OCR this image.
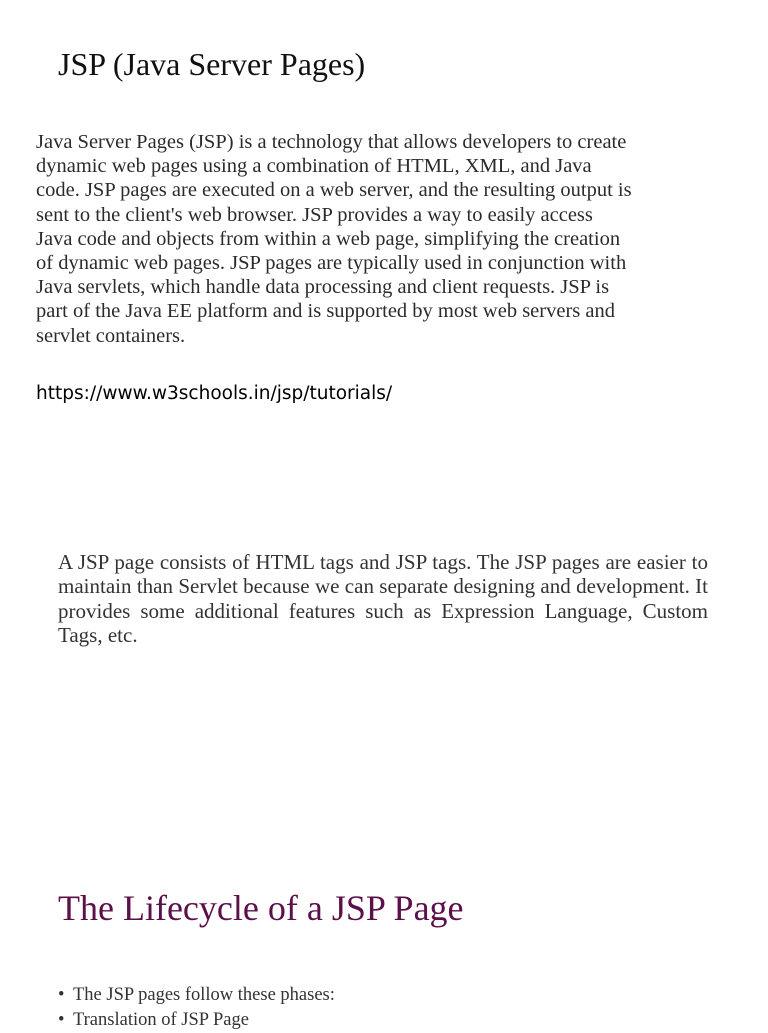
JSP (Java Server Pages)

Java Server Pages (JSP) is a technology that allows developers to create
dynamic web pages using a combination of HTML, XML, and Java
code. JSP pages are executed on a web server, and the resulting output is
sent to the client's web browser. JSP provides a way to easily access
Java code and objects from within a web page, simplifying the creation
of dynamic web pages. JSP pages are typically used in conjunction with
Java servlets, which handle data processing and client requests. JSP is
part of the Java EE platform and is supported by most web servers and
servlet containers.

https://www.w3schools.in/jsp/tutorials/

A JSP page consists of HTML tags and JSP tags. The JSP pages are easier to maintain than Servlet because we can separate designing and development. It provides some additional features such as Expression Language, Custom Tags, etc.

The Lifecycle of a JSP Page
• The JSP pages follow these phases:
• Translation of JSP Page
